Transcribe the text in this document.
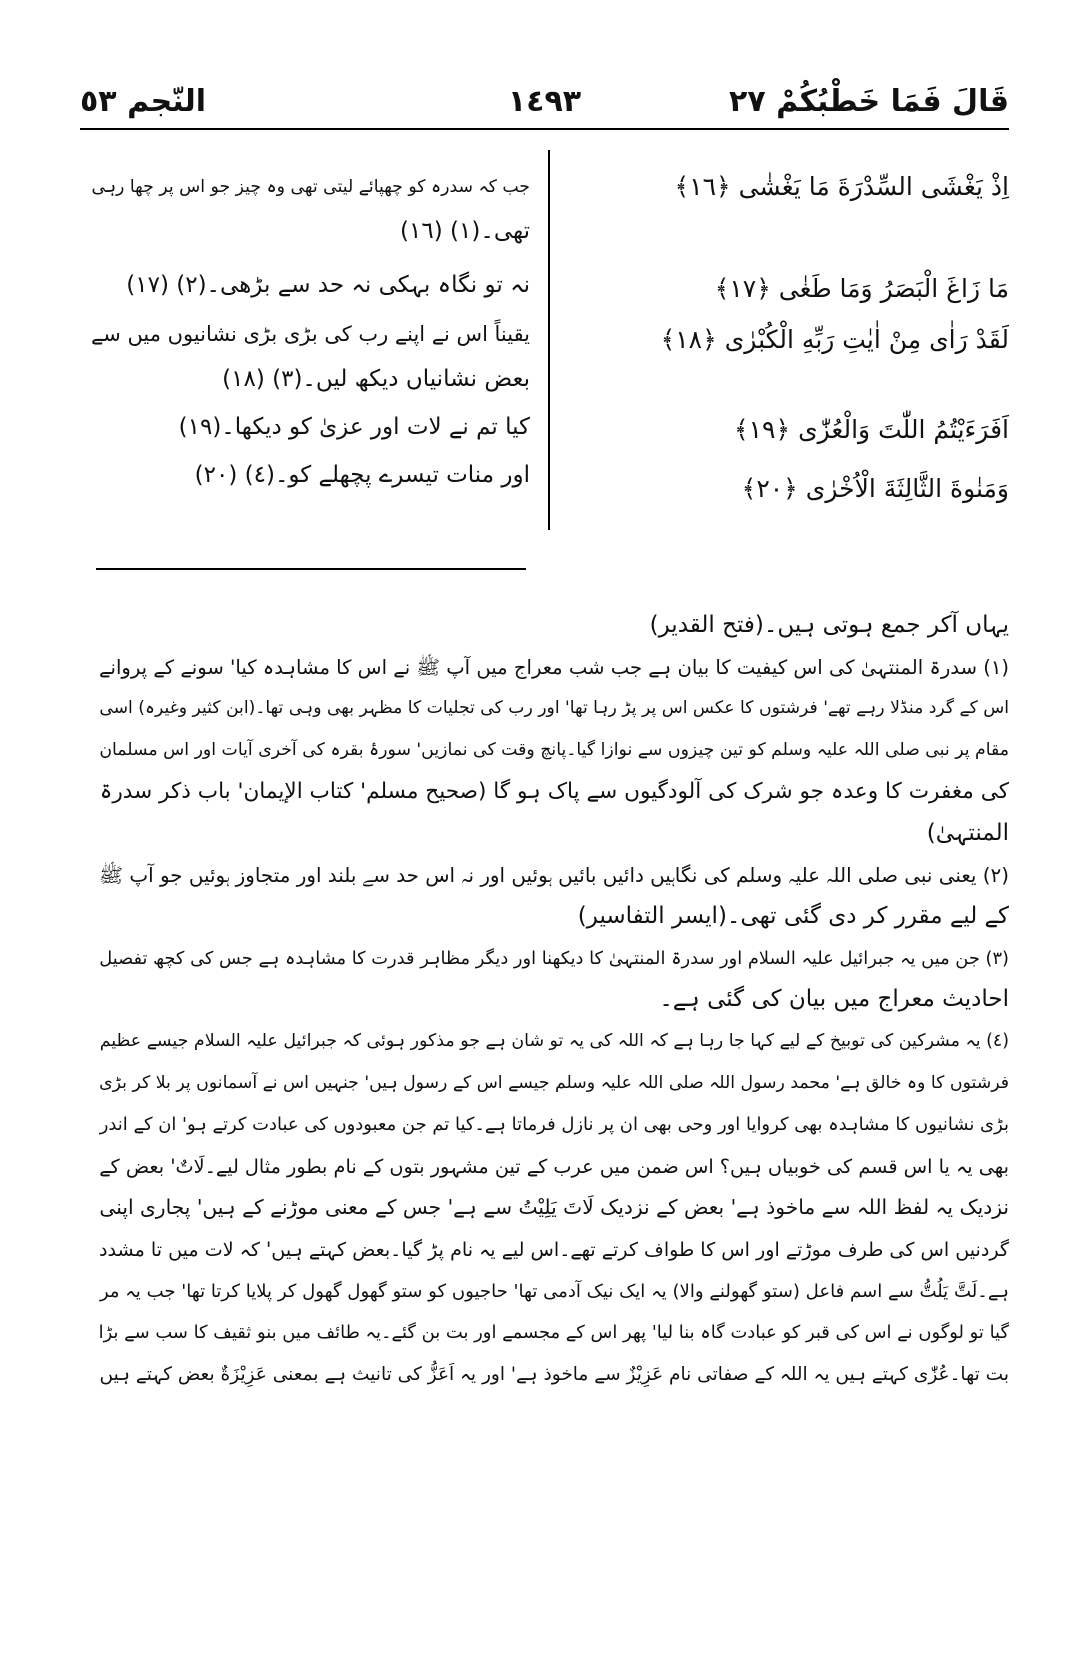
قَالَ فَمَا خَطْبُكُمْ ٢٧
١٤٩٣
النّجم ٥٣
اِذْ يَغْشَى السِّدْرَةَ مَا يَغْشٰى ﴿١٦﴾
مَا زَاغَ الْبَصَرُ وَمَا طَغٰى ﴿١٧﴾
لَقَدْ رَاٰى مِنْ اٰيٰتِ رَبِّهِ الْكُبْرٰى ﴿١٨﴾
اَفَرَءَيْتُمُ اللّٰتَ وَالْعُزّٰى ﴿١٩﴾
وَمَنٰوةَ الثَّالِثَةَ الْاُخْرٰى ﴿٢٠﴾
جب کہ سدرہ کو چھپائے لیتی تھی وہ چیز جو اس پر چھا رہی
تھی۔(١) (١٦)
نہ تو نگاہ بہکی نہ حد سے بڑھی۔(٢) (١٧)
یقیناً اس نے اپنے رب کی بڑی بڑی نشانیوں میں سے
بعض نشانیاں دیکھ لیں۔(٣) (١٨)
کیا تم نے لات اور عزیٰ کو دیکھا۔(١٩)
اور منات تیسرے پچھلے کو۔(٤) (٢٠)
یہاں آکر جمع ہوتی ہیں۔(فتح القدیر)
(١) سدرۃ المنتہیٰ کی اس کیفیت کا بیان ہے جب شب معراج میں آپ ﷺ نے اس کا مشاہدہ کیا' سونے کے پروانے
اس کے گرد منڈلا رہے تھے' فرشتوں کا عکس اس پر پڑ رہا تھا' اور رب کی تجلیات کا مظہر بھی وہی تھا۔(ابن کثیر وغیرہ) اسی
مقام پر نبی صلی اللہ علیہ وسلم کو تین چیزوں سے نوازا گیا۔پانچ وقت کی نمازیں' سورۂ بقرہ کی آخری آیات اور اس مسلمان
کی مغفرت کا وعدہ جو شرک کی آلودگیوں سے پاک ہو گا (صحیح مسلم' کتاب الإیمان' باب ذکر سدرۃ
المنتہیٰ)
(٢) یعنی نبی صلی اللہ علیہ وسلم کی نگاہیں دائیں بائیں ہوئیں اور نہ اس حد سے بلند اور متجاوز ہوئیں جو آپ ﷺ
کے لیے مقرر کر دی گئی تھی۔(ایسر التفاسیر)
(٣) جن میں یہ جبرائیل علیہ السلام اور سدرۃ المنتہیٰ کا دیکھنا اور دیگر مظاہر قدرت کا مشاہدہ ہے جس کی کچھ تفصیل
احادیث معراج میں بیان کی گئی ہے۔
(٤) یہ مشرکین کی توبیخ کے لیے کہا جا رہا ہے کہ اللہ کی یہ تو شان ہے جو مذکور ہوئی کہ جبرائیل علیہ السلام جیسے عظیم
فرشتوں کا وہ خالق ہے' محمد رسول اللہ صلی اللہ علیہ وسلم جیسے اس کے رسول ہیں' جنہیں اس نے آسمانوں پر بلا کر بڑی
بڑی نشانیوں کا مشاہدہ بھی کروایا اور وحی بھی ان پر نازل فرماتا ہے۔کیا تم جن معبودوں کی عبادت کرتے ہو' ان کے اندر
بھی یہ یا اس قسم کی خوبیاں ہیں؟ اس ضمن میں عرب کے تین مشہور بتوں کے نام بطور مثال لیے۔لَاتٌ' بعض کے
نزدیک یہ لفظ اللہ سے ماخوذ ہے' بعض کے نزدیک لَاتَ يَلِيْتُ سے ہے' جس کے معنی موڑنے کے ہیں' پجاری اپنی
گردنیں اس کی طرف موڑتے اور اس کا طواف کرتے تھے۔اس لیے یہ نام پڑ گیا۔بعض کہتے ہیں' کہ لات میں تا مشدد
ہے۔لَتَّ يَلُتُّ سے اسم فاعل (ستو گھولنے والا) یہ ایک نیک آدمی تھا' حاجیوں کو ستو گھول گھول کر پلایا کرتا تھا' جب یہ مر
گیا تو لوگوں نے اس کی قبر کو عبادت گاہ بنا لیا' پھر اس کے مجسمے اور بت بن گئے۔یہ طائف میں بنو ثقیف کا سب سے بڑا
بت تھا۔عُزّٰی کہتے ہیں یہ اللہ کے صفاتی نام عَزِيْزٌ سے ماخوذ ہے' اور یہ اَعَزُّ کی تانیث ہے بمعنی عَزِيْزَةٌ بعض کہتے ہیں
